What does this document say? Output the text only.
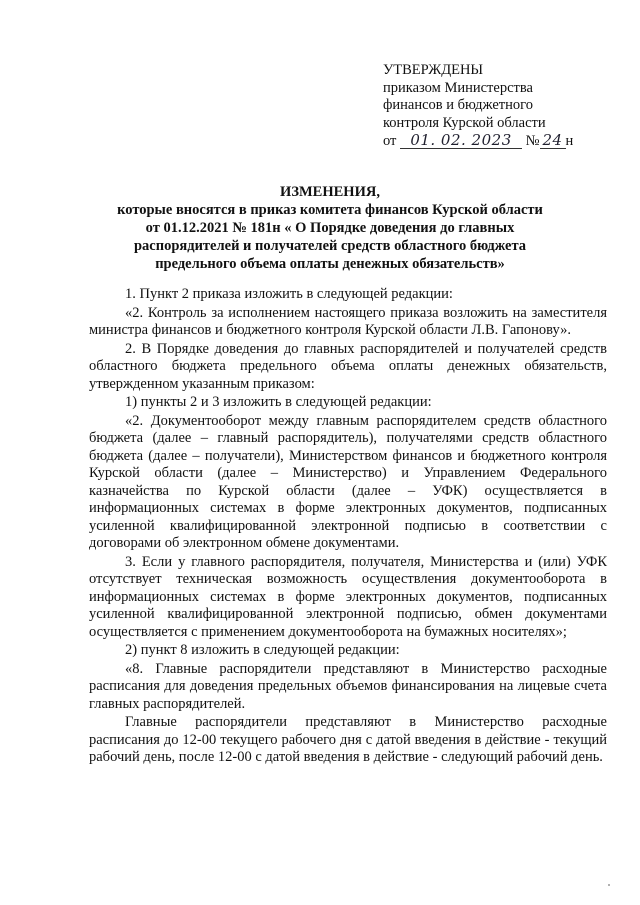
УТВЕРЖДЕНЫ
приказом Министерства
финансов и бюджетного
контроля Курской области
от 01. 02. 2023 № 24 н
ИЗМЕНЕНИЯ,
которые вносятся в приказ комитета финансов Курской области
от 01.12.2021 № 181н « О Порядке доведения до главных
распорядителей и получателей средств областного бюджета
предельного объема оплаты денежных обязательств»

1. Пункт 2 приказа изложить в следующей редакции:

«2. Контроль за исполнением настоящего приказа возложить на заместителя министра финансов и бюджетного контроля Курской области Л.В. Гапонову».

2. В Порядке доведения до главных распорядителей и получателей средств областного бюджета предельного объема оплаты денежных обязательств, утвержденном указанным приказом:

1) пункты 2 и 3 изложить в следующей редакции:

«2. Документооборот между главным распорядителем средств областного бюджета (далее – главный распорядитель), получателями средств областного бюджета (далее – получатели), Министерством финансов и бюджетного контроля Курской области (далее – Министерство) и Управлением Федерального казначейства по Курской области (далее – УФК) осуществляется в информационных системах в форме электронных документов, подписанных усиленной квалифицированной электронной подписью в соответствии с договорами об электронном обмене документами.

3. Если у главного распорядителя, получателя, Министерства и (или) УФК отсутствует техническая возможность осуществления документооборота в информационных системах в форме электронных документов, подписанных усиленной квалифицированной электронной подписью, обмен документами осуществляется с применением документооборота на бумажных носителях»;

2) пункт 8 изложить в следующей редакции:

«8. Главные распорядители представляют в Министерство расходные расписания для доведения предельных объемов финансирования на лицевые счета главных распорядителей.

Главные распорядители представляют в Министерство расходные расписания до 12-00 текущего рабочего дня с датой введения в действие - текущий рабочий день, после 12-00 с датой введения в действие - следующий рабочий день.
